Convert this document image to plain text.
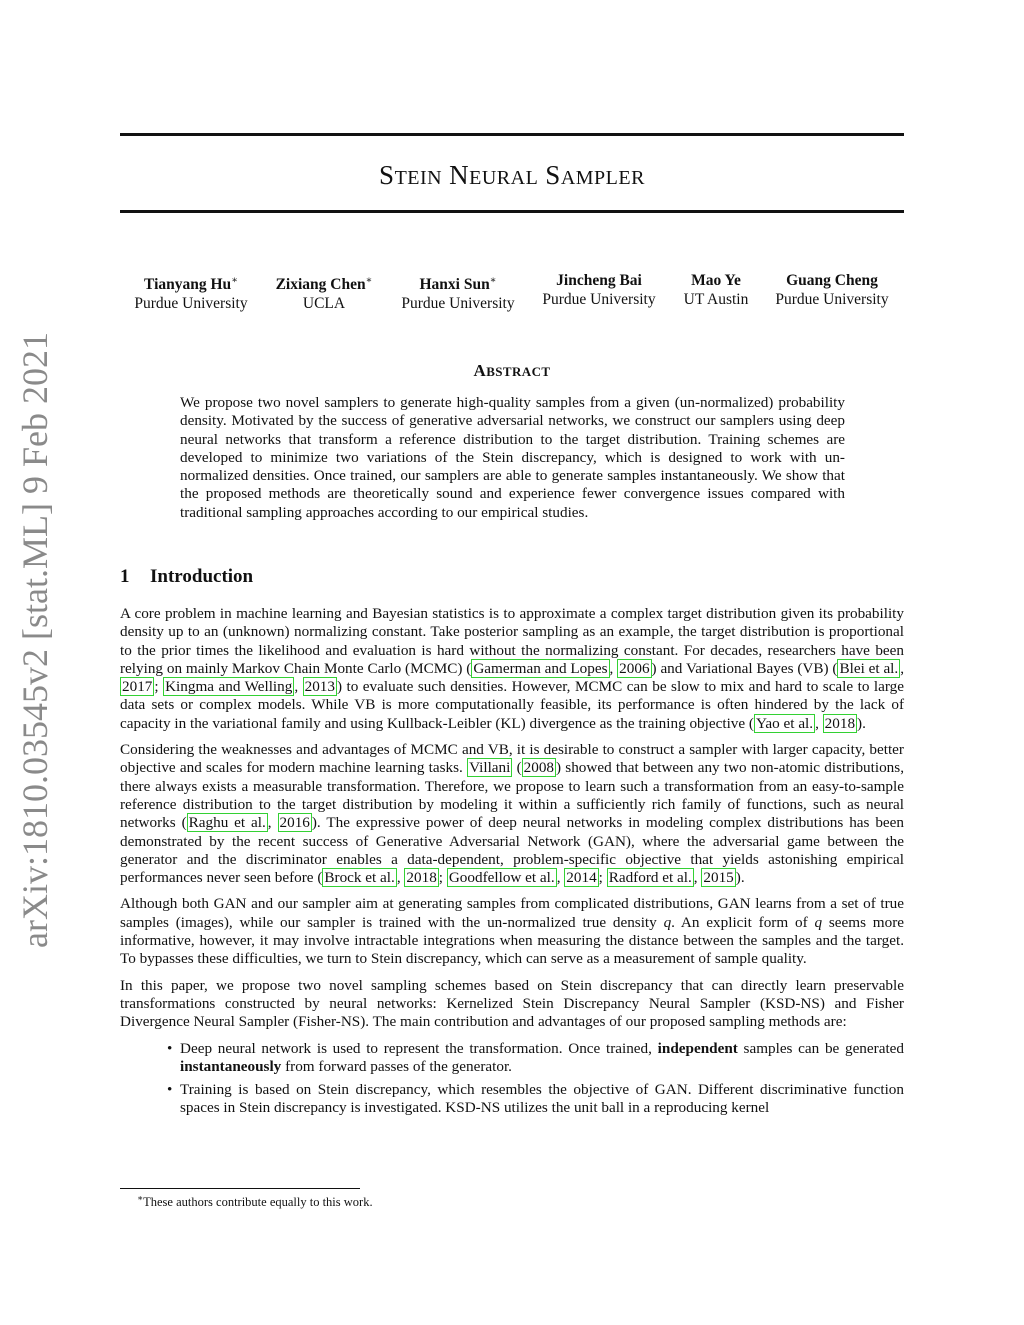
arXiv:1810.03545v2 [stat.ML] 9 Feb 2021
STEIN NEURAL SAMPLER
Tianyang Hu∗
Purdue University
Zixiang Chen∗
UCLA
Hanxi Sun∗
Purdue University
Jincheng Bai
Purdue University
Mao Ye
UT Austin
Guang Cheng
Purdue University
ABSTRACT
We propose two novel samplers to generate high-quality samples from a given (un-normalized) probability density. Motivated by the success of generative adversarial networks, we construct our samplers using deep neural networks that transform a reference distribution to the target distribution. Training schemes are developed to minimize two variations of the Stein discrepancy, which is designed to work with un-normalized densities. Once trained, our samplers are able to generate samples instantaneously. We show that the proposed methods are theoretically sound and experience fewer convergence issues compared with traditional sampling approaches according to our empirical studies.
1 Introduction

A core problem in machine learning and Bayesian statistics is to approximate a complex target distribution given its probability density up to an (unknown) normalizing constant. Take posterior sampling as an example, the target distribution is proportional to the prior times the likelihood and evaluation is hard without the normalizing constant. For decades, researchers have been relying on mainly Markov Chain Monte Carlo (MCMC) ( Gamerman and Lopes , 2006 ) and Variational Bayes (VB) ( Blei et al. , 2017 ; Kingma and Welling , 2013 ) to evaluate such densities. However, MCMC can be slow to mix and hard to scale to large data sets or complex models. While VB is more computationally feasible, its performance is often hindered by the lack of capacity in the variational family and using Kullback-Leibler (KL) divergence as the training objective ( Yao et al. , 2018 ).

Considering the weaknesses and advantages of MCMC and VB, it is desirable to construct a sampler with larger capacity, better objective and scales for modern machine learning tasks. Villani ( 2008 ) showed that between any two non-atomic distributions, there always exists a measurable transformation. Therefore, we propose to learn such a transformation from an easy-to-sample reference distribution to the target distribution by modeling it within a sufficiently rich family of functions, such as neural networks ( Raghu et al. , 2016 ). The expressive power of deep neural networks in modeling complex distributions has been demonstrated by the recent success of Generative Adversarial Network (GAN), where the adversarial game between the generator and the discriminator enables a data-dependent, problem-specific objective that yields astonishing empirical performances never seen before ( Brock et al. , 2018 ; Goodfellow et al. , 2014 ; Radford et al. , 2015 ).

Although both GAN and our sampler aim at generating samples from complicated distributions, GAN learns from a set of true samples (images), while our sampler is trained with the un-normalized true density q. An explicit form of q seems more informative, however, it may involve intractable integrations when measuring the distance between the samples and the target. To bypasses these difficulties, we turn to Stein discrepancy, which can serve as a measurement of sample quality.

In this paper, we propose two novel sampling schemes based on Stein discrepancy that can directly learn preservable transformations constructed by neural networks: Kernelized Stein Discrepancy Neural Sampler (KSD-NS) and Fisher Divergence Neural Sampler (Fisher-NS). The main contribution and advantages of our proposed sampling methods are:

• Deep neural network is used to represent the transformation. Once trained, independent samples can be generated instantaneously from forward passes of the generator.
• Training is based on Stein discrepancy, which resembles the objective of GAN. Different discriminative function spaces in Stein discrepancy is investigated. KSD-NS utilizes the unit ball in a reproducing kernel
∗These authors contribute equally to this work.
